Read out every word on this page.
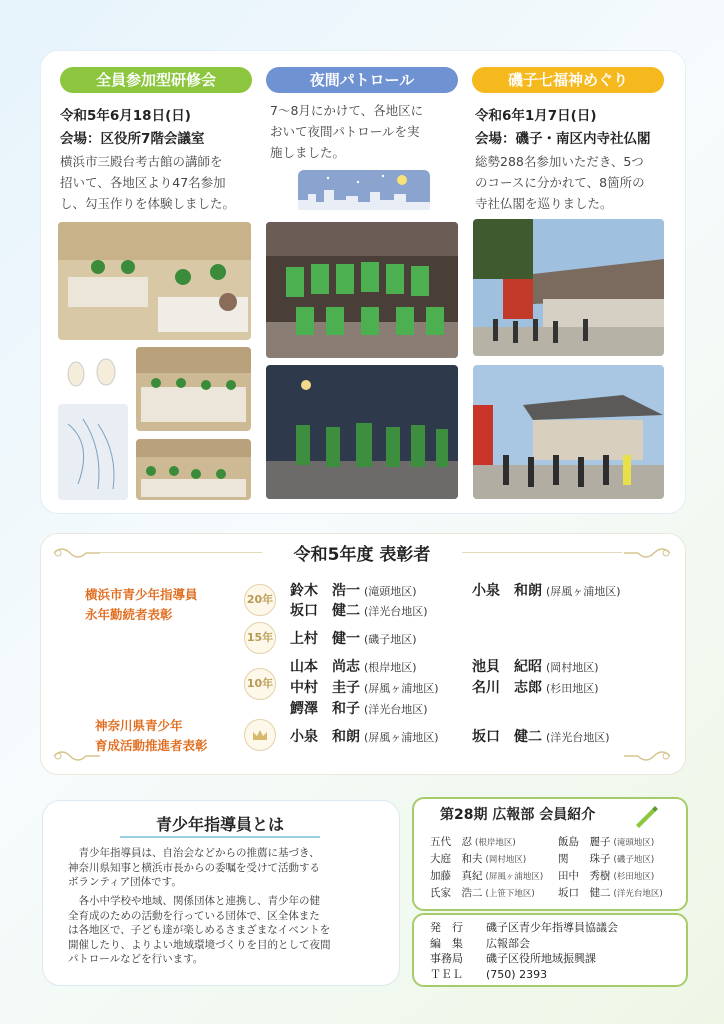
全員参加型研修会
令和5年6月18日(日)
会場：区役所7階会議室
横浜市三殿台考古館の講師を
招いて、各地区より47名参加
し、勾玉作りを体験しました。
夜間パトロール
7～8月にかけて、各地区に
おいて夜間パトロールを実
施しました。
磯子七福神めぐり
令和6年1月7日(日)
会場：磯子・南区内寺社仏閣
総勢288名参加いただき、5つ
のコースに分かれて、8箇所の
寺社仏閣を巡りました。
令和5年度 表彰者
横浜市青少年指導員
永年勤続者表彰
神奈川県青少年
育成活動推進者表彰
20年
15年
10年
鈴木　浩一 (滝頭地区)
坂口　健二 (洋光台地区)
小泉　和朗 (屏風ヶ浦地区)
上村　健一 (磯子地区)
山本　尚志 (根岸地区)
中村　圭子 (屏風ヶ浦地区)
鰐澤　和子 (洋光台地区)
池貝　紀昭 (岡村地区)
名川　志郎 (杉田地区)
小泉　和朗 (屏風ヶ浦地区) 坂口　健二 (洋光台地区)
青少年指導員とは
青少年指導員は、自治会などからの推薦に基づき、
神奈川県知事と横浜市長からの委嘱を受けて活動する
ボランティア団体です。
各小中学校や地域、関係団体と連携し、青少年の健
全育成のための活動を行っている団体で、区全体また
は各地区で、子ども達が楽しめるさまざまなイベントを
開催したり、よりよい地域環境づくりを目的として夜間
パトロールなどを行います。
第28期 広報部 会員紹介
五代　忍 (根岸地区)	飯島　麗子 (滝頭地区)
大庭　和夫 (岡村地区)	関　　珠子 (磯子地区)
加藤　真紀 (屏風ヶ浦地区) 田中　秀樹 (杉田地区)
氏家　浩二 (上笹下地区) 坂口　健二 (洋光台地区)
発　行
編　集
事務局
ＴＥＬ
磯子区青少年指導員協議会
広報部会
磯子区役所地域振興課
(750) 2393
